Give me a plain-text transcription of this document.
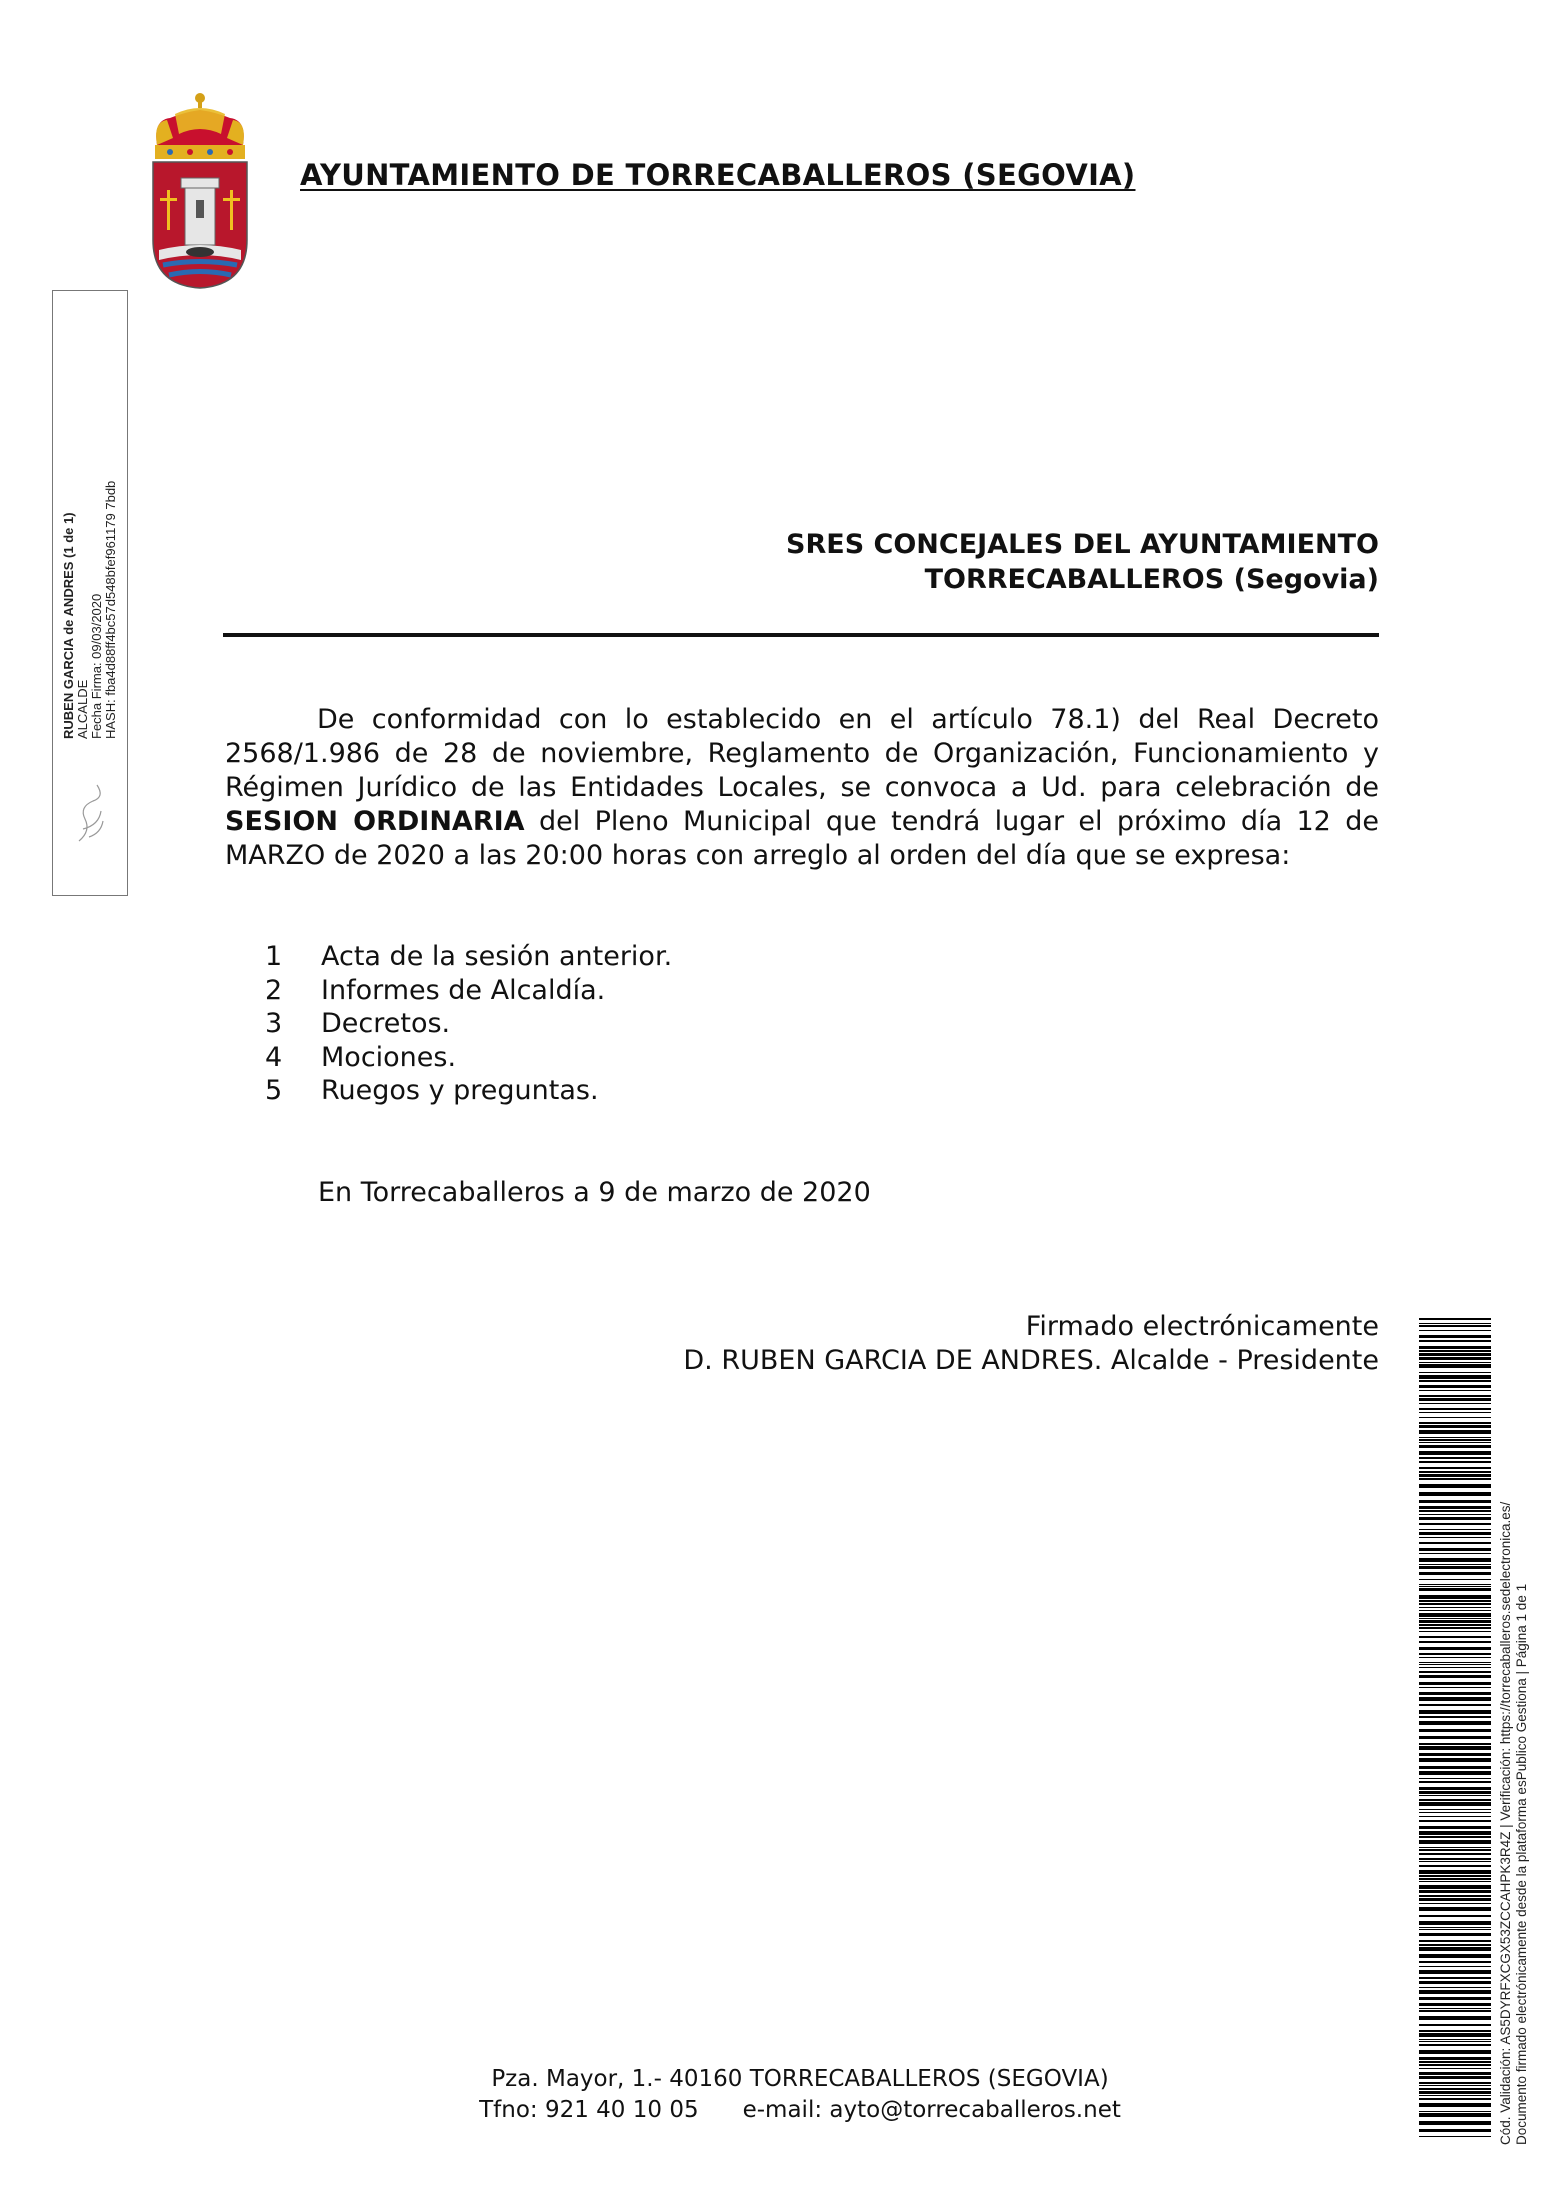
AYUNTAMIENTO DE TORRECABALLEROS (SEGOVIA)
RUBEN GARCIA de ANDRES (1 de 1) ALCALDE Fecha Firma: 09/03/2020 HASH: fba4d88ff4bc57d548bfef961179 7bdb	SRES CONCEJALES DEL AYUNTAMIENTO
TORRECABALLEROS (Segovia)
De conformidad con lo establecido en el artículo 78.1) del Real Decreto 2568/1.986 de 28 de noviembre, Reglamento de Organización, Funcionamiento y Régimen Jurídico de las Entidades Locales, se convoca a Ud. para celebración de SESION ORDINARIA del Pleno Municipal que tendrá lugar el próximo día 12 de MARZO de 2020 a las 20:00 horas con arreglo al orden del día que se expresa:
1	Acta de la sesión anterior.
2	Informes de Alcaldía.
3	Decretos.
4	Mociones.
5	Ruegos y preguntas.
En Torrecaballeros a 9 de marzo de 2020
Firmado electrónicamente
D. RUBEN GARCIA DE ANDRES. Alcalde - Presidente
Pza. Mayor, 1.- 40160 TORRECABALLEROS (SEGOVIA)
Tfno: 921 40 10 05 e-mail: ayto@torrecaballeros.net	Cód. Validación: AS5DYRFXCGX53ZCCAHPK3R4Z | Verificación: https://torrecaballeros.sedelectronica.es/ Documento firmado electrónicamente desde la plataforma esPublico Gestiona | Página 1 de 1
